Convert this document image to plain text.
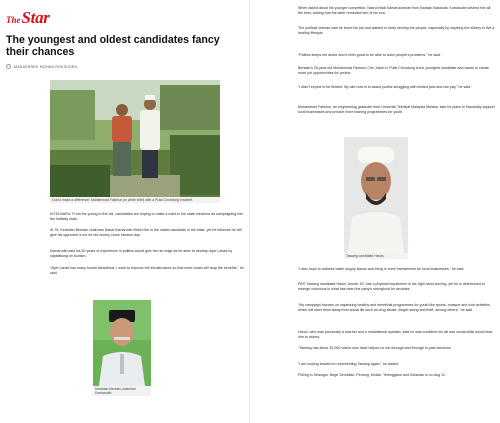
The Star
The youngest and oldest candidates fancy their chances
MANASHREE MOHAN ROKSUDEN
Out to make a difference: Mohammad Fakhrun (in white shirt) with a Pulai Chondong resident.
KOTA BARU: From the young to the old, candidates are hoping to make a mark in the state elections as campaigning hits the halfway mark.
At 76, Kelantan Bersatu chairman Datuk Kamarudin Mohd Nor is the oldest candidate in the state, yet he believes he will give his opponent a run for his money come election day.
Kamarudin said his 40 years of experience in politics would give him an edge as he aims to develop Ayer Lanas by capitalising on tourism.
“Ayer Lanas has many tourist attractions. I want to improve the infrastructure so that more locals will reap the benefits,” he said.
Kelantan Bersatu chairman Kamarudin.
When asked about his younger competitor, Nasrul Hadi Kamarulzaman from Barisan Nasional, Kamarudin wished him all the best, adding that the latter reminded him of his son.
The political veteran said he loved his job and wanted to keep serving the people, especially by inspiring the elderly to live a healthy lifestyle.
“Politics keeps me active and it feels good to be able to solve people’s problems,” he said.
Bersatu’s 26-year-old Muhammad Fakhrun Che Jusoh in Pulai Chondong is the youngest candidate and wants to create more job opportunities for youths.
“I didn’t expect to be fielded. My aim now is to assist youths struggling with limited jobs and low pay,” he said.
Muhammad Fakhrun, an engineering graduate from Universiti Teknikal Malaysia Melaka, said he plans to financially support local businesses and provide more training programmes for youth.
Tawang candidate Harun.
“I also hope to address water supply issues and bring in more investments for local businesses,” he said.
PAS’ Tawang candidate Harun Jemali, 52, has a physical impairment in his right hand and leg, yet he is determined to emerge victorious in what has been the party’s stronghold for decades.
“My campaign focuses on organising healthy and beneficial programmes for youth like sports, mosque and club activities, which will steer them away from social ills such as drug abuse, illegal racing and theft, among others,” he said.
Harun, who was previously a teacher and a motivational speaker, said he was confident his wit and social skills would lead him to victory.
“Tawang has about 30,000 voters who have helped us win through and through in past elections.
“I am looking forward to representing Tawang again,” he added.
Polling in Selangor, Negri Sembilan, Penang, Kedah, Terengganu and Kelantan is on Aug 12.
